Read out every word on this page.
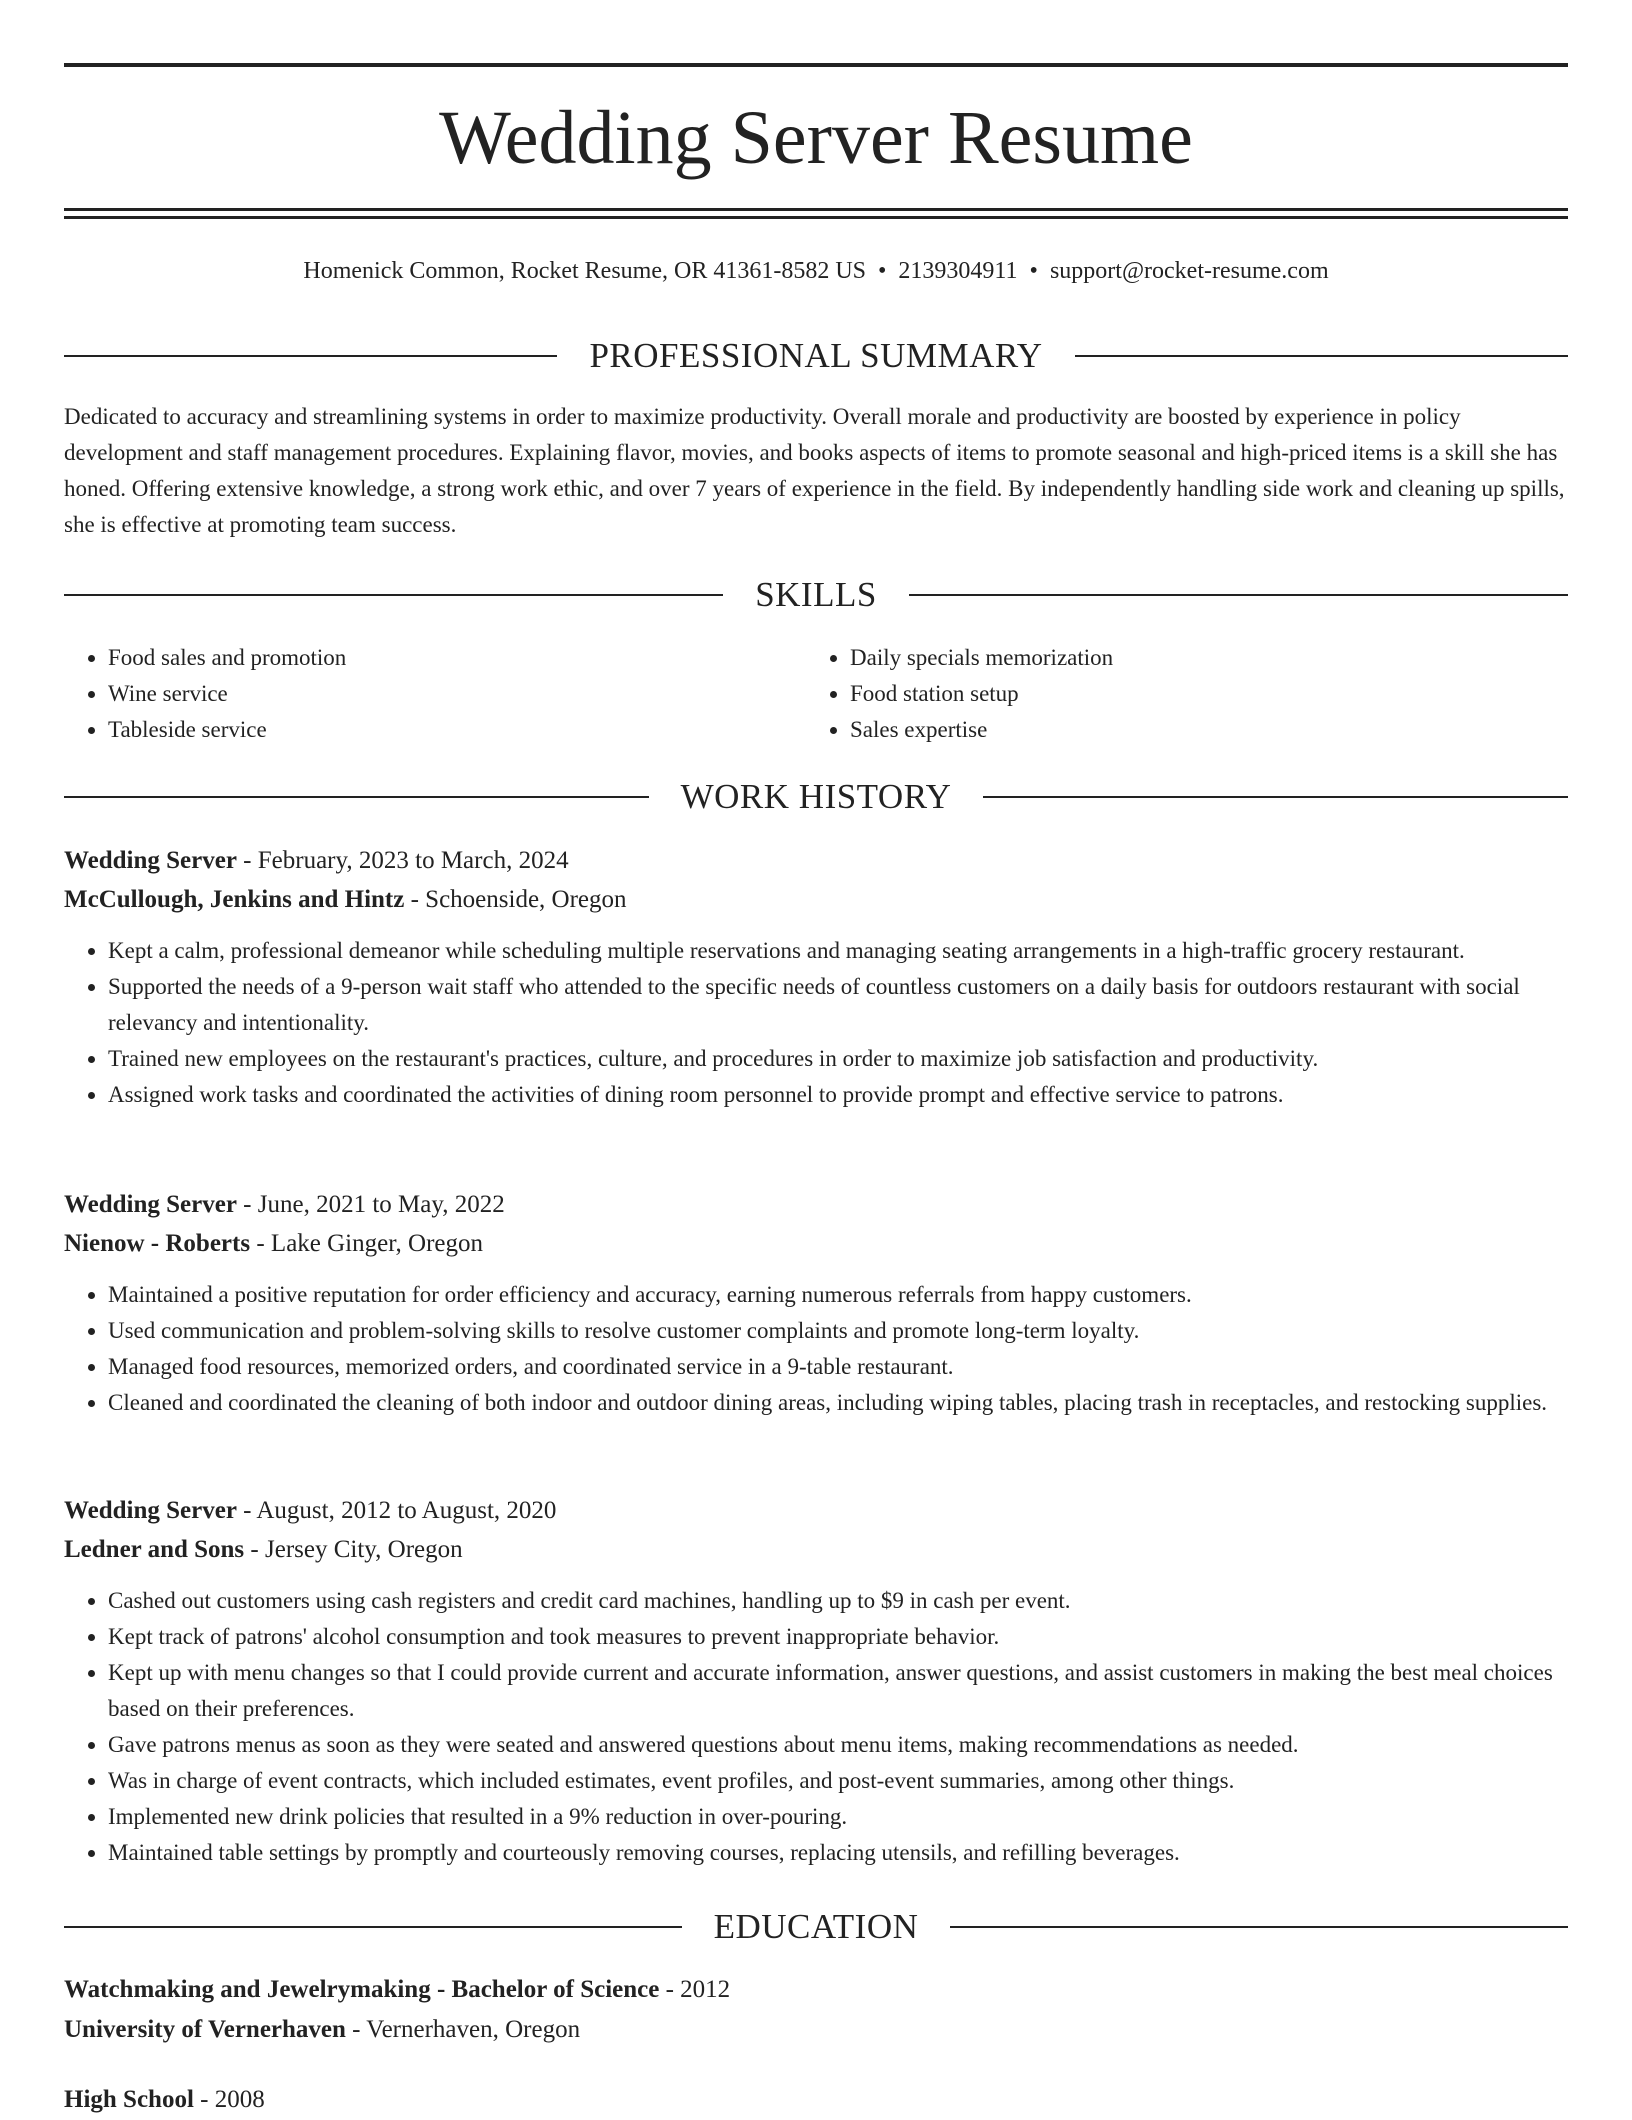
Wedding Server Resume
Homenick Common, Rocket Resume, OR 41361-8582 US • 2139304911 • support@rocket-resume.com
PROFESSIONAL SUMMARY

Dedicated to accuracy and streamlining systems in order to maximize productivity. Overall morale and productivity are boosted by experience in policy development and staff management procedures. Explaining flavor, movies, and books aspects of items to promote seasonal and high-priced items is a skill she has honed. Offering extensive knowledge, a strong work ethic, and over 7 years of experience in the field. By independently handling side work and cleaning up spills, she is effective at promoting team success.

SKILLS
• Food sales and promotion
• Wine service
• Tableside service
• Daily specials memorization
• Food station setup
• Sales expertise
WORK HISTORY

Wedding Server - February, 2023 to March, 2024

McCullough, Jenkins and Hintz - Schoenside, Oregon

• Kept a calm, professional demeanor while scheduling multiple reservations and managing seating arrangements in a high-traffic grocery restaurant.
• Supported the needs of a 9-person wait staff who attended to the specific needs of countless customers on a daily basis for outdoors restaurant with social relevancy and intentionality.
• Trained new employees on the restaurant's practices, culture, and procedures in order to maximize job satisfaction and productivity.
• Assigned work tasks and coordinated the activities of dining room personnel to provide prompt and effective service to patrons.

Wedding Server - June, 2021 to May, 2022

Nienow - Roberts - Lake Ginger, Oregon

• Maintained a positive reputation for order efficiency and accuracy, earning numerous referrals from happy customers.
• Used communication and problem-solving skills to resolve customer complaints and promote long-term loyalty.
• Managed food resources, memorized orders, and coordinated service in a 9-table restaurant.
• Cleaned and coordinated the cleaning of both indoor and outdoor dining areas, including wiping tables, placing trash in receptacles, and restocking supplies.

Wedding Server - August, 2012 to August, 2020

Ledner and Sons - Jersey City, Oregon

• Cashed out customers using cash registers and credit card machines, handling up to $9 in cash per event.
• Kept track of patrons' alcohol consumption and took measures to prevent inappropriate behavior.
• Kept up with menu changes so that I could provide current and accurate information, answer questions, and assist customers in making the best meal choices based on their preferences.
• Gave patrons menus as soon as they were seated and answered questions about menu items, making recommendations as needed.
• Was in charge of event contracts, which included estimates, event profiles, and post-event summaries, among other things.
• Implemented new drink policies that resulted in a 9% reduction in over-pouring.
• Maintained table settings by promptly and courteously removing courses, replacing utensils, and refilling beverages.
EDUCATION

Watchmaking and Jewelrymaking - Bachelor of Science - 2012

University of Vernerhaven - Vernerhaven, Oregon

High School - 2008
